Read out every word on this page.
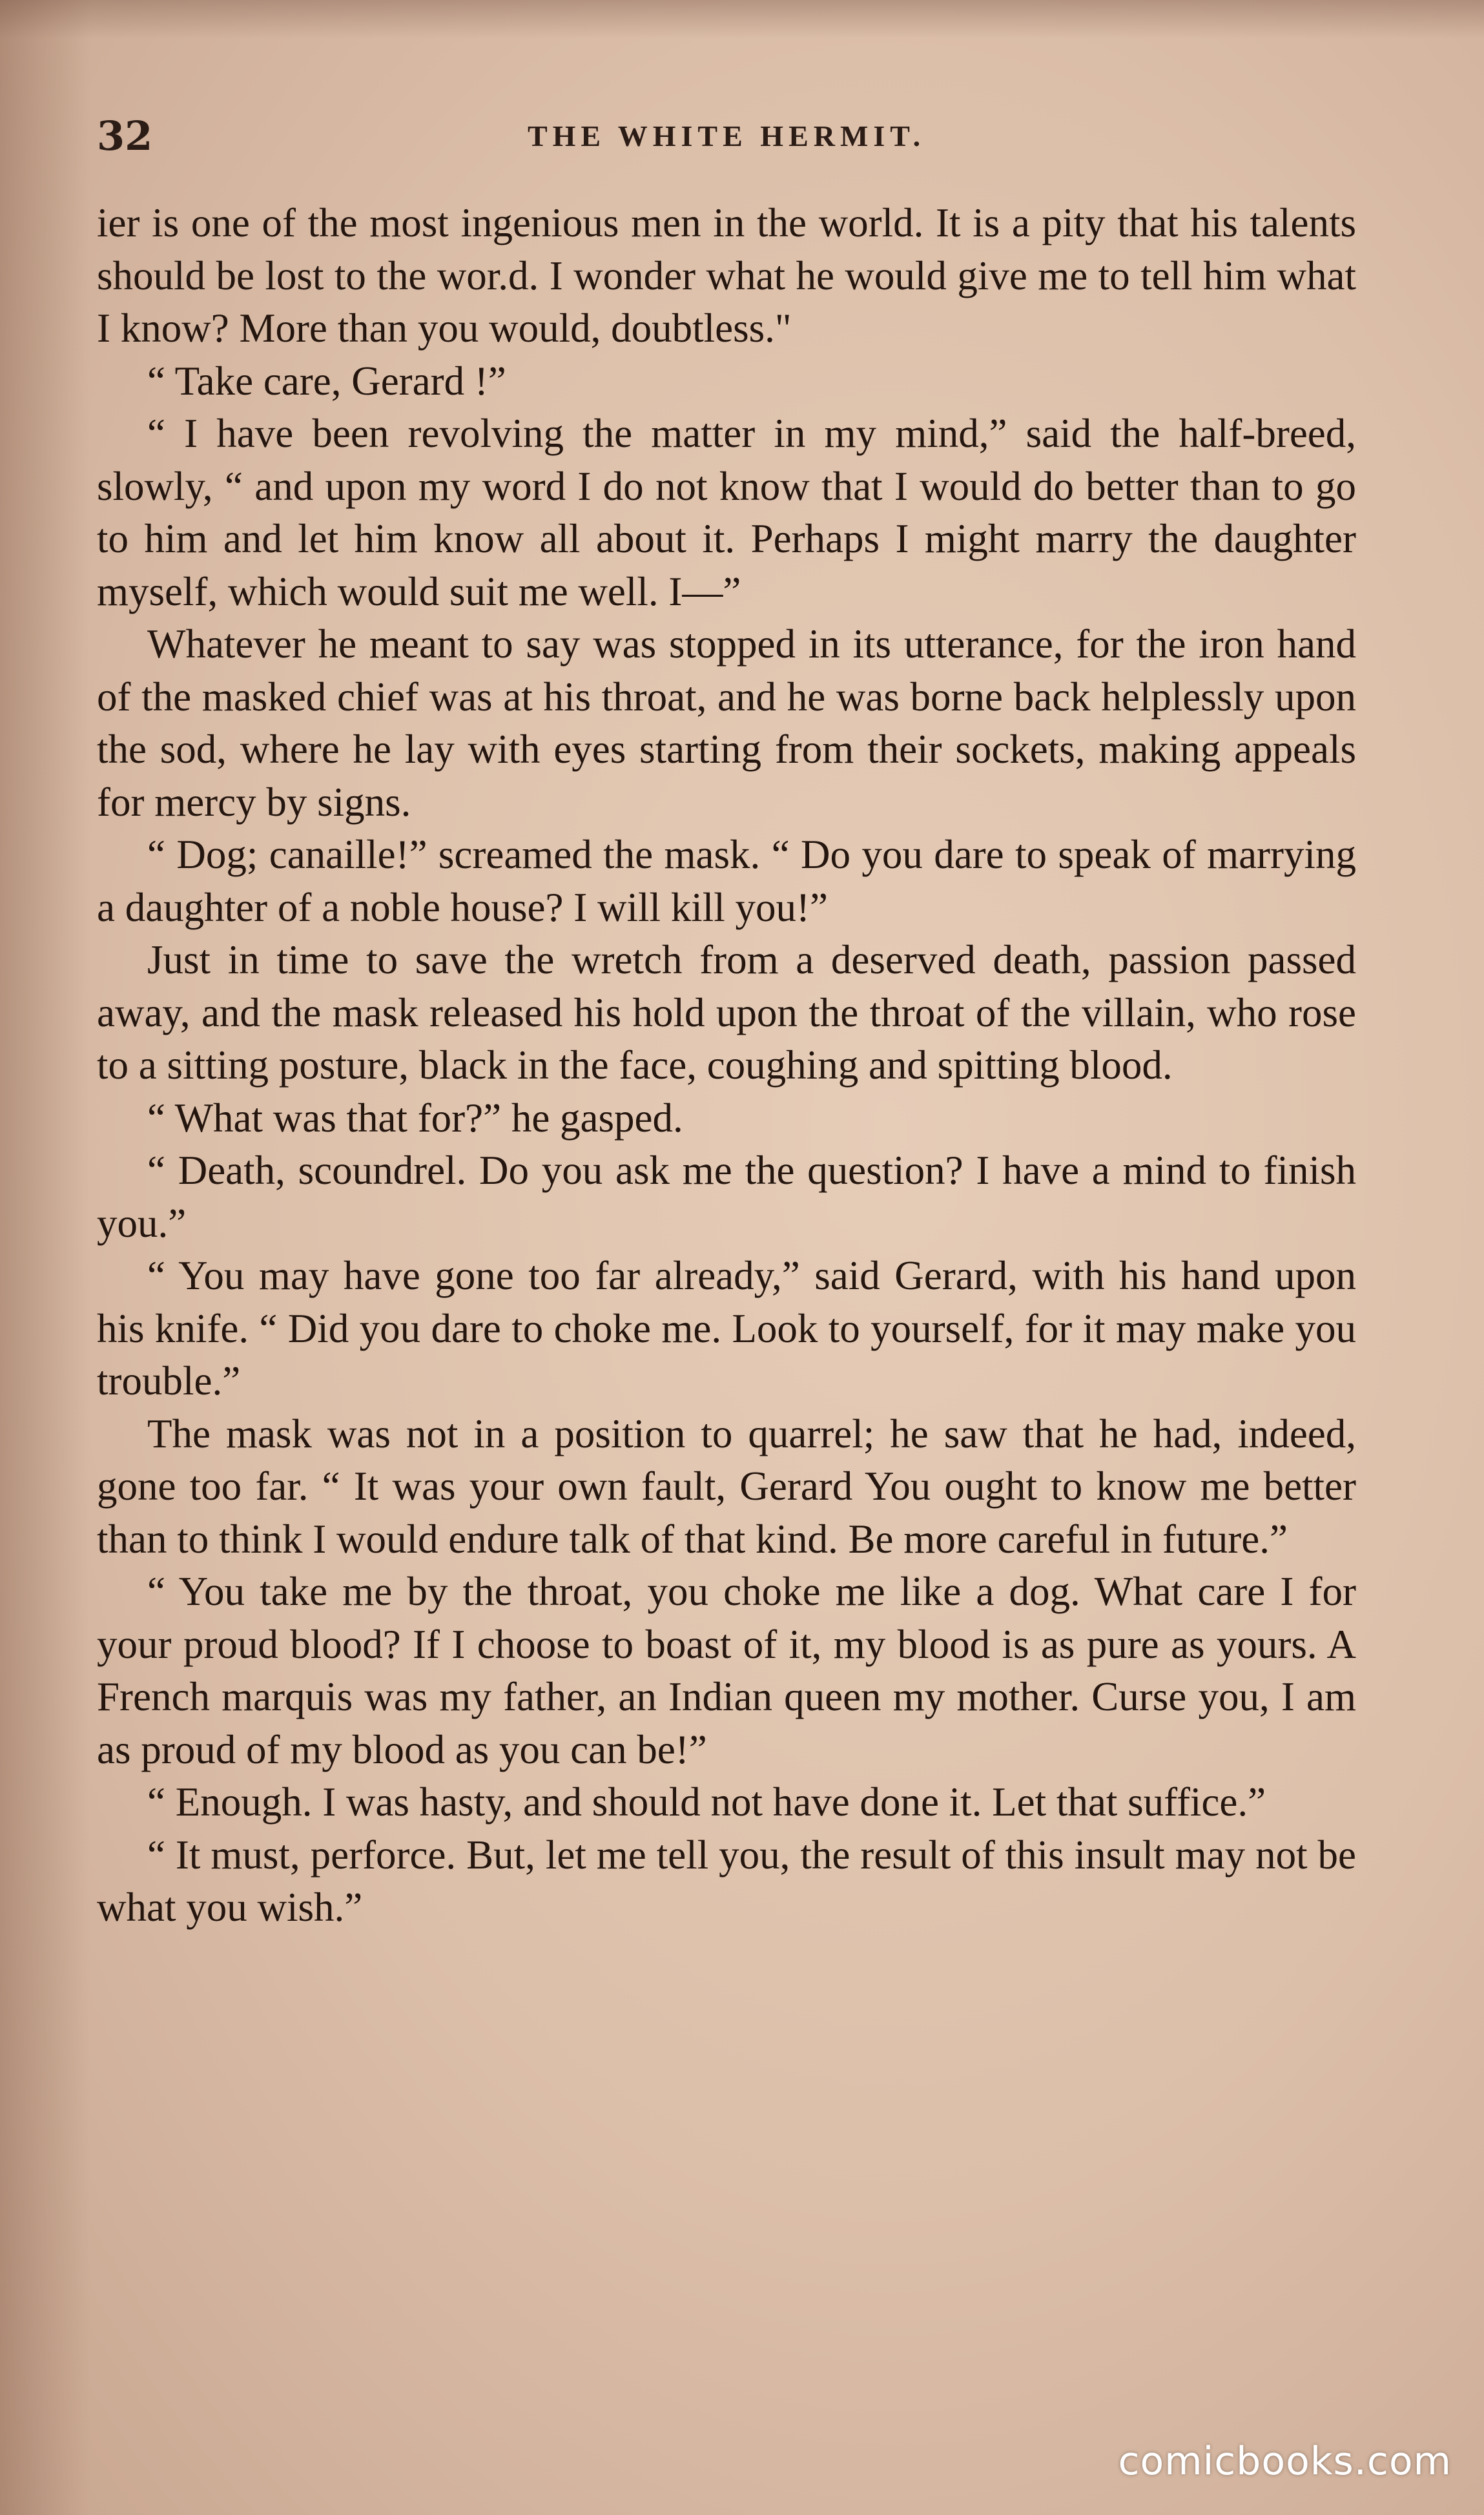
32	THE WHITE HERMIT.

ier is one of the most ingenious men in the world. It is a pity that his talents should be lost to the wor.d. I wonder what he would give me to tell him what I know? More than you would, doubtless."

“ Take care, Gerard !”

“ I have been revolving the matter in my mind,” said the half-breed, slowly, “ and upon my word I do not know that I would do better than to go to him and let him know all about it. Perhaps I might marry the daughter myself, which would suit me well. I—”

Whatever he meant to say was stopped in its utterance, for the iron hand of the masked chief was at his throat, and he was borne back helplessly upon the sod, where he lay with eyes starting from their sockets, making appeals for mercy by signs.

“ Dog; canaille!” screamed the mask. “ Do you dare to speak of marrying a daughter of a noble house? I will kill you!”

Just in time to save the wretch from a deserved death, passion passed away, and the mask released his hold upon the throat of the villain, who rose to a sitting posture, black in the face, coughing and spitting blood.

“ What was that for?” he gasped.

“ Death, scoundrel. Do you ask me the question? I have a mind to finish you.”

“ You may have gone too far already,” said Gerard, with his hand upon his knife. “ Did you dare to choke me. Look to yourself, for it may make you trouble.”

The mask was not in a position to quarrel; he saw that he had, indeed, gone too far. “ It was your own fault, Gerard You ought to know me better than to think I would endure talk of that kind. Be more careful in future.”

“ You take me by the throat, you choke me like a dog. What care I for your proud blood? If I choose to boast of it, my blood is as pure as yours. A French marquis was my father, an Indian queen my mother. Curse you, I am as proud of my blood as you can be!”

“ Enough. I was hasty, and should not have done it. Let that suffice.”

“ It must, perforce. But, let me tell you, the result of this insult may not be what you wish.”

comicbooks.com
